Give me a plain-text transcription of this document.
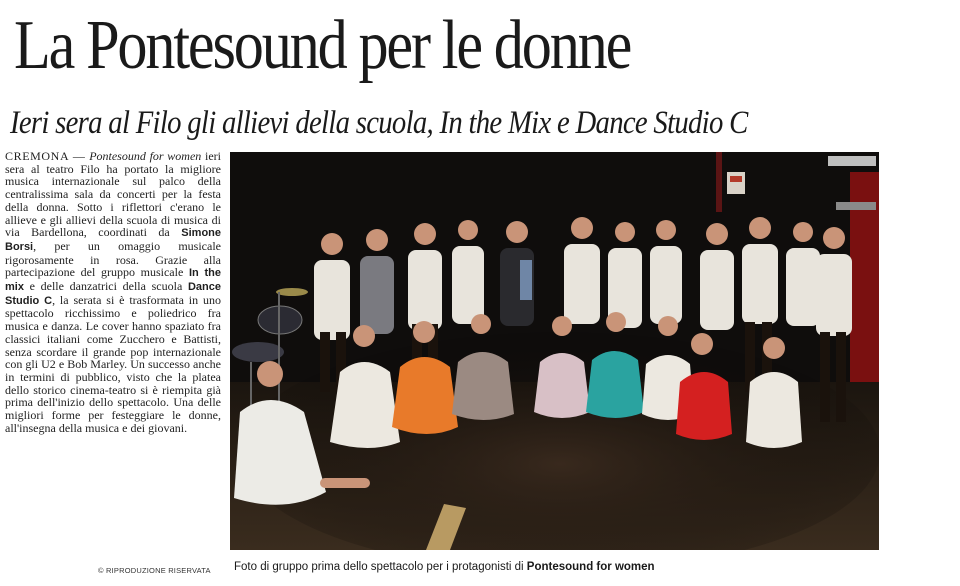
La Pontesound per le donne
Ieri sera al Filo gli allievi della scuola, In the Mix e Dance Studio C
CREMONA — Pontesound for women ieri sera al teatro Filo ha portato la migliore musica internazionale sul palco della centralissima sala da concerti per la festa della donna. Sotto i riflettori c'erano le allieve e gli allievi della scuola di musica di via Bardellona, coordinati da Simone Borsi, per un omaggio musicale rigorosamente in rosa. Grazie alla partecipazione del gruppo musicale In the mix e delle danzatrici della scuola Dance Studio C, la serata si è trasformata in uno spettacolo ricchissimo e poliedrico fra musica e danza. Le cover hanno spaziato fra classici italiani come Zucchero e Battisti, senza scordare il grande pop internazionale con gli U2 e Bob Marley. Un successo anche in termini di pubblico, visto che la platea dello storico cinema-teatro si è riempita già prima dell'inizio dello spettacolo. Una delle migliori forme per festeggiare le donne, all'insegna della musica e dei giovani.
© RIPRODUZIONE RISERVATA Foto di gruppo prima dello spettacolo per i protagonisti di Pontesound for women
